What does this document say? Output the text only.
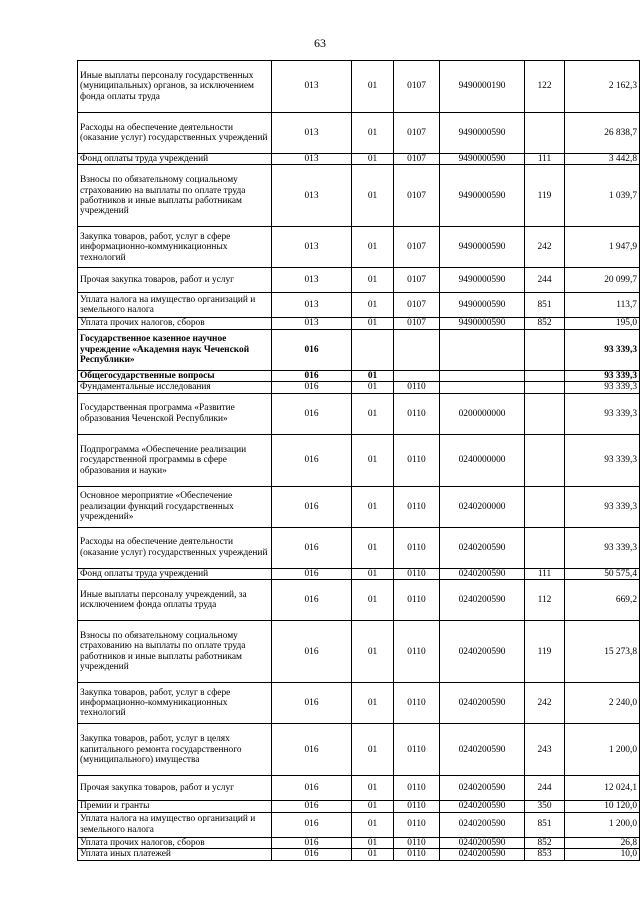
63
Иные выплаты персоналу государственных (муниципальных) органов, за исключением фонда оплаты труда	013	01	0107	9490000190	122	2 162,3
Расходы на обеспечение деятельности (оказание услуг) государственных учреждений	013	01	0107	9490000590		26 838,7
Фонд оплаты труда учреждений	013	01	0107	9490000590	111	3 442,8
Взносы по обязательному социальному страхованию на выплаты по оплате труда работников и иные выплаты работникам учреждений	013	01	0107	9490000590	119	1 039,7
Закупка товаров, работ, услуг в сфере информационно-коммуникационных технологий	013	01	0107	9490000590	242	1 947,9
Прочая закупка товаров, работ и услуг	013	01	0107	9490000590	244	20 099,7
Уплата налога на имущество организаций и земельного налога	013	01	0107	9490000590	851	113,7
Уплата прочих налогов, сборов	013	01	0107	9490000590	852	195,0
Государственное казенное научное учреждение «Академия наук Чеченской Республики»	016					93 339,3
Общегосударственные вопросы	016	01				93 339,3
Фундаментальные исследования	016	01	0110			93 339,3
Государственная программа «Развитие образования Чеченской Республики»	016	01	0110	0200000000		93 339,3
Подпрограмма «Обеспечение реализации государственной программы в сфере образования и науки»	016	01	0110	0240000000		93 339,3
Основное мероприятие «Обеспечение реализации функций государственных учреждений»	016	01	0110	0240200000		93 339,3
Расходы на обеспечение деятельности (оказание услуг) государственных учреждений	016	01	0110	0240200590		93 339,3
Фонд оплаты труда учреждений	016	01	0110	0240200590	111	50 575,4
Иные выплаты персоналу учреждений, за исключением фонда оплаты труда	016	01	0110	0240200590	112	669,2
Взносы по обязательному социальному страхованию на выплаты по оплате труда работников и иные выплаты работникам учреждений	016	01	0110	0240200590	119	15 273,8
Закупка товаров, работ, услуг в сфере информационно-коммуникационных технологий	016	01	0110	0240200590	242	2 240,0
Закупка товаров, работ, услуг в целях капитального ремонта государственного (муниципального) имущества	016	01	0110	0240200590	243	1 200,0
Прочая закупка товаров, работ и услуг	016	01	0110	0240200590	244	12 024,1
Премии и гранты	016	01	0110	0240200590	350	10 120,0
Уплата налога на имущество организаций и земельного налога	016	01	0110	0240200590	851	1 200,0
Уплата прочих налогов, сборов	016	01	0110	0240200590	852	26,8
Уплата иных платежей	016	01	0110	0240200590	853	10,0
